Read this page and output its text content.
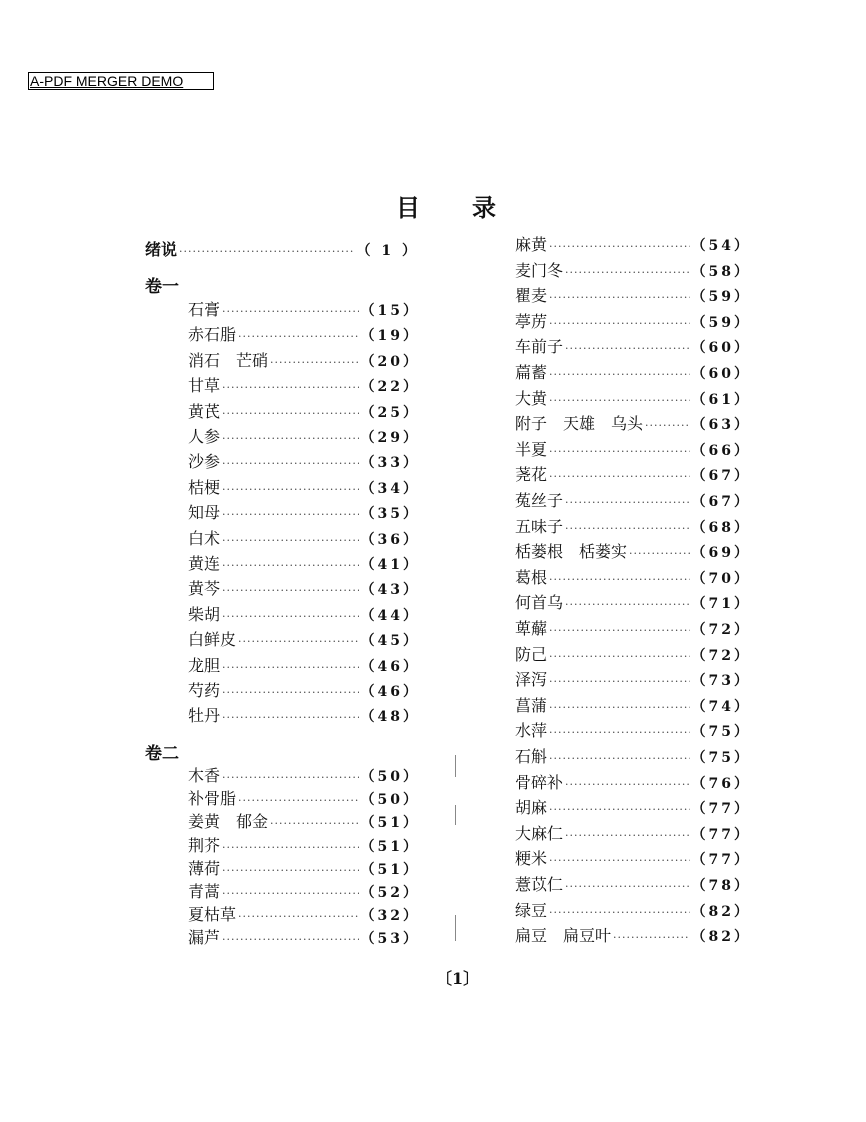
A-PDF MERGER DEMO
目录
绪说 ·····	（ 1 ）
卷一
卷二
石膏 ·····	（15）
赤石脂 ·····	（19）
消石　芒硝 ·····	（20）
甘草 ·····	（22）
黄芪 ·····	（25）
人参 ·····	（29）
沙参 ·····	（33）
桔梗 ·····	（34）
知母 ·····	（35）
白术 ·····	（36）
黄连 ·····	（41）
黄芩 ·····	（43）
柴胡 ·····	（44）
白鲜皮 ·····	（45）
龙胆 ·····	（46）
芍药 ·····	（46）
牡丹 ·····	（48）
木香 ·····	（50）
补骨脂 ·····	（50）
姜黄　郁金 ·····	（51）
荆芥 ·····	（51）
薄荷 ·····	（51）
青蒿 ·····	（52）
夏枯草 ·····	（32）
漏芦 ·····	（53）
麻黄 ·····	（54）
麦门冬 ·····	（58）
瞿麦 ·····	（59）
葶苈 ·····	（59）
车前子 ·····	（60）
萹蓄 ·····	（60）
大黄 ·····	（61）
附子　天雄　乌头 ·····	（63）
半夏 ·····	（66）
荛花 ·····	（67）
菟丝子 ·····	（67）
五味子 ·····	（68）
栝蒌根　栝蒌实 ·····	（69）
葛根 ·····	（70）
何首乌 ·····	（71）
萆薢 ·····	（72）
防己 ·····	（72）
泽泻 ·····	（73）
菖蒲 ·····	（74）
水萍 ·····	（75）
石斛 ·····	（75）
骨碎补 ·····	（76）
胡麻 ·····	（77）
大麻仁 ·····	（77）
粳米 ·····	（77）
薏苡仁 ·····	（78）
绿豆 ·····	（82）
扁豆　扁豆叶 ·····	（82）
〔1〕
